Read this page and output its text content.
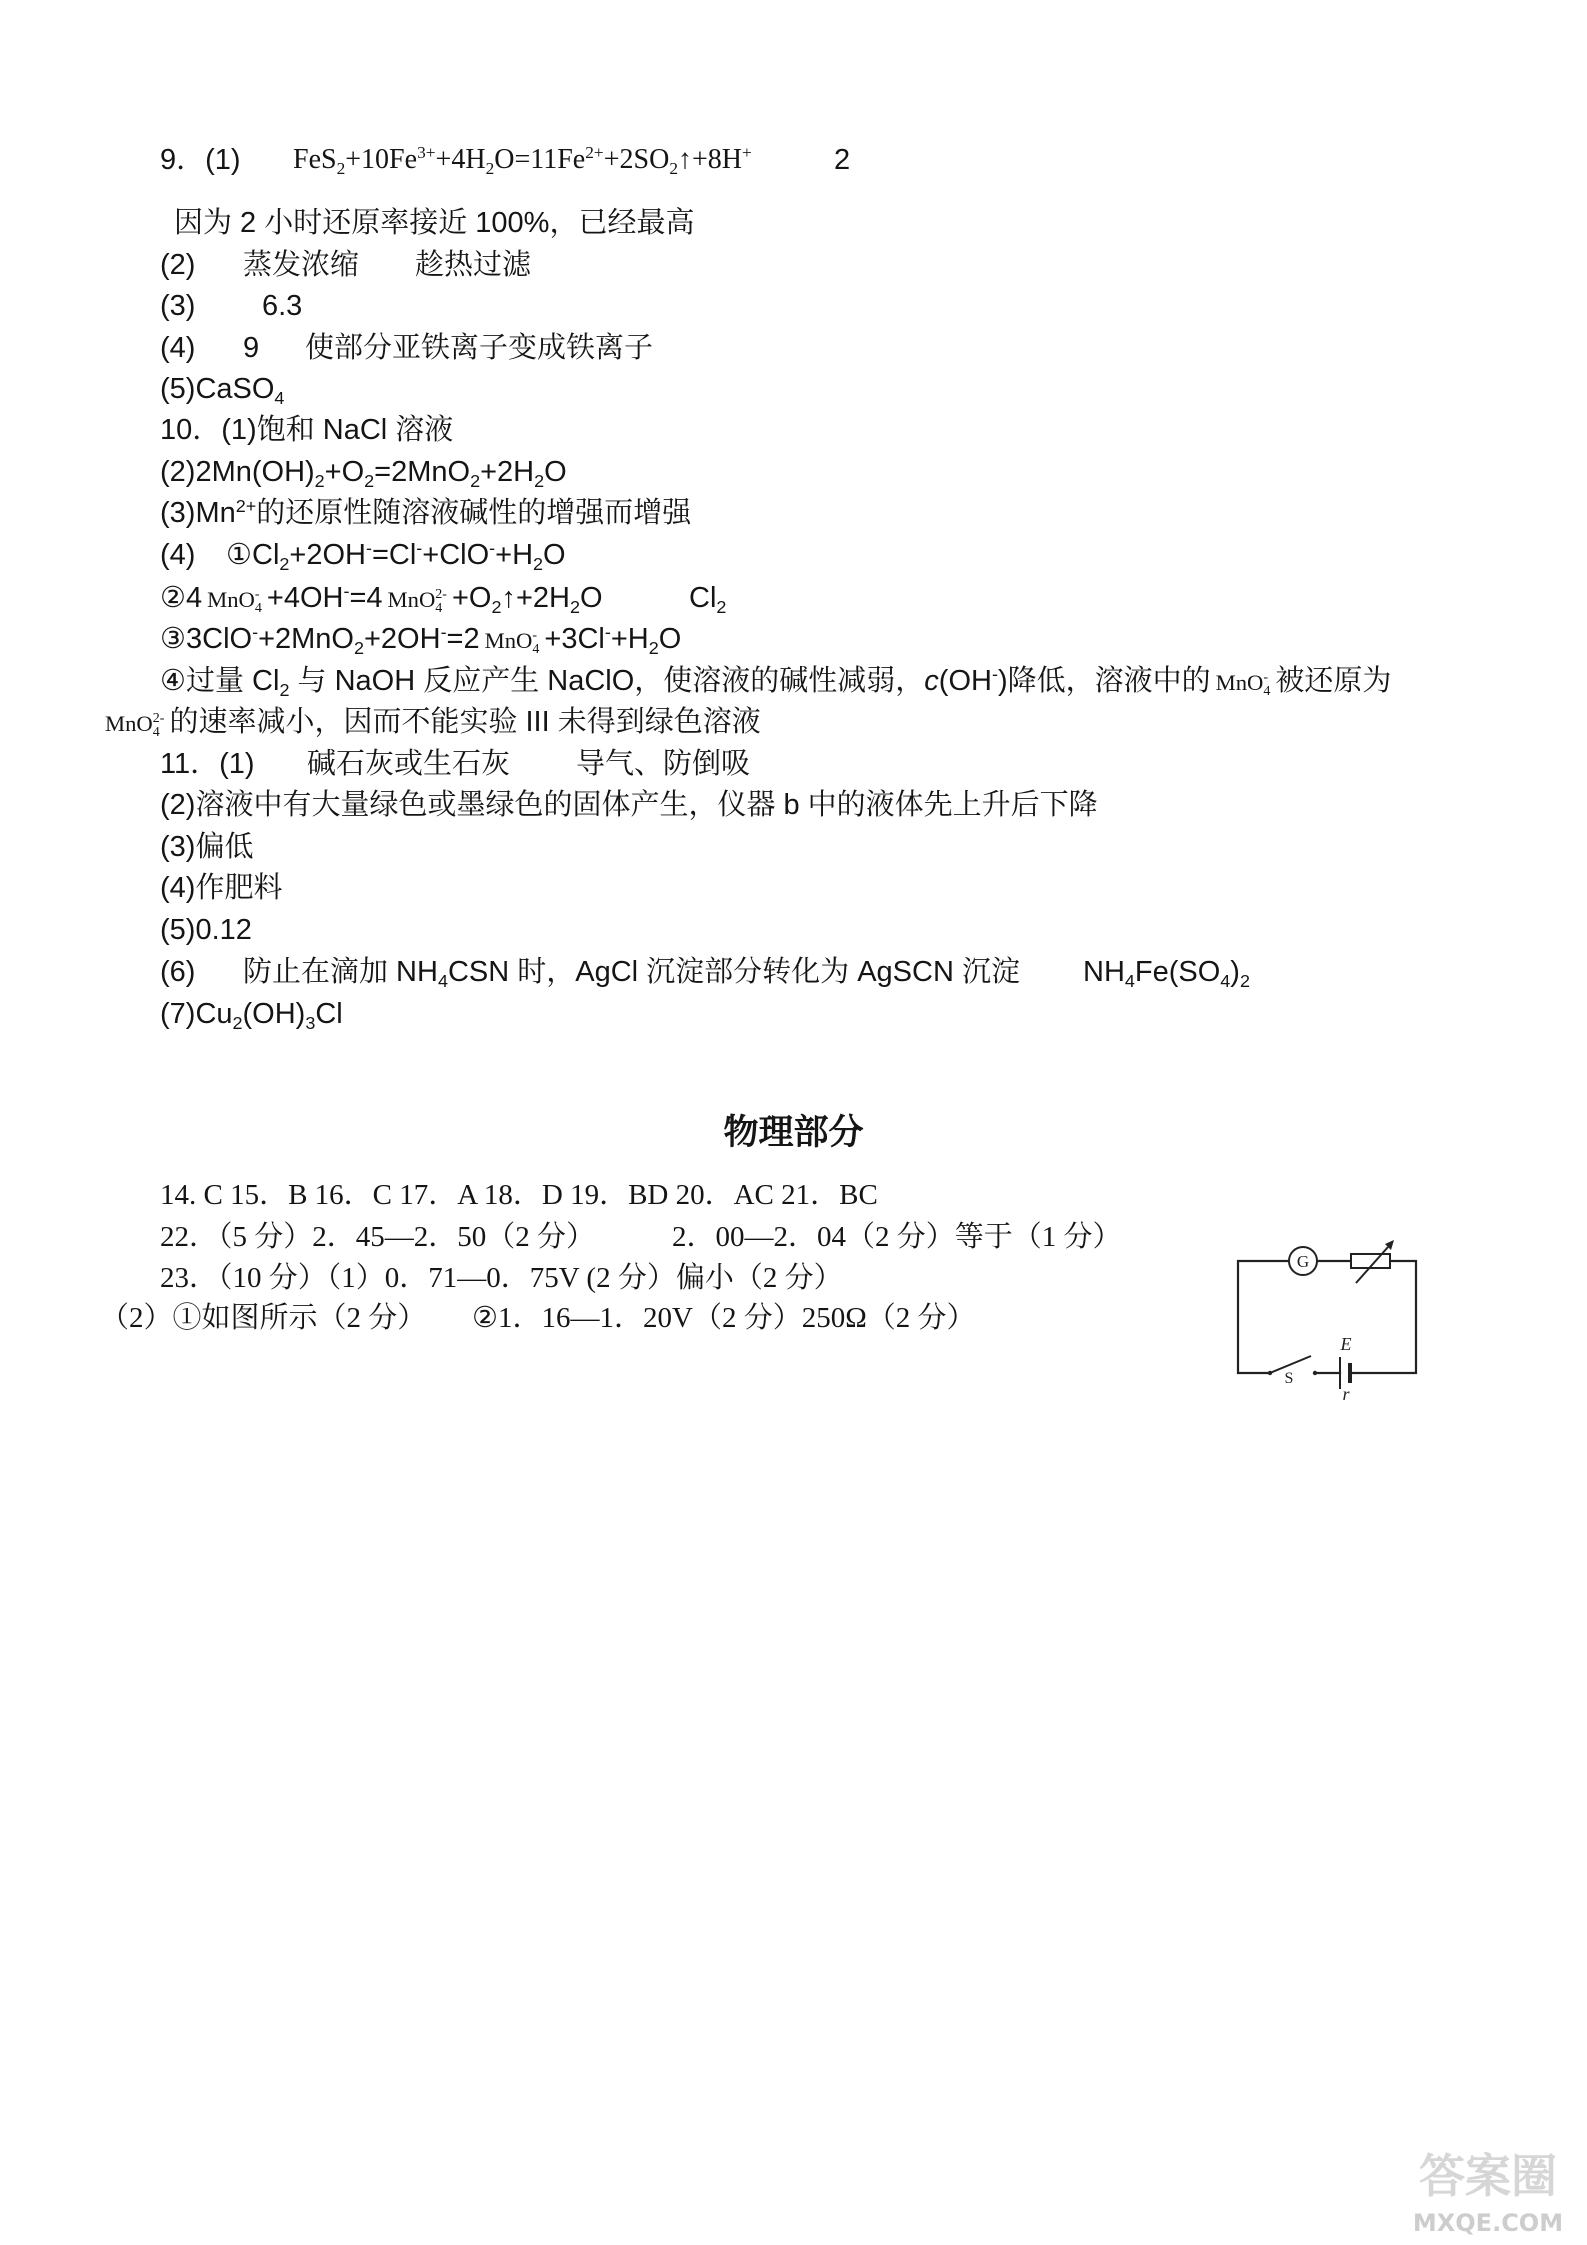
9．(1) $FeS_2+10Fe^{3+}+4H_2O=11Fe^{2+}+2SO_2↑+8H^+$	2
因为 2 小时还原率接近 100%，已经最高
(2) 蒸发浓缩 趁热过滤
(3) 6.3
(4) 9 使部分亚铁离子变成铁离子
(5)CaSO$_4$
10．(1)饱和 NaCl 溶液
$(2)2Mn(OH)_2+O_2=2MnO_2+2H_2O$
$(3)Mn^{2+}$的还原性随溶液碱性的增强而增强
(4) $①Cl_2+2OH^-=Cl^-+ClO^-+H_2O$
②4 MnO -
4 +4OH-=4 MnO 2-
$4 +O_2↑+2H_2O$	$Cl_2$
③3ClO-+2MnO$_2$+2OH-=2 MnO -
$4 +3Cl^-+H_2O$
④过量 $Cl_2$ 与 NaOH 反应产生 NaClO，使溶液的碱性减弱，c(OH-)降低，溶液中的 MnO -
4 被还原为
MnO 2-
4 的速率减小，因而不能实验 III 未得到绿色溶液
11．(1) 碱石灰或生石灰 导气、防倒吸
(2)溶液中有大量绿色或墨绿色的固体产生，仪器 b 中的液体先上升后下降
(3)偏低
(4)作肥料
(5)0.12
(6) 防止在滴加 $NH_4CSN$ 时，AgCl 沉淀部分转化为 AgSCN 沉淀 $NH_4Fe(SO_4)_2$
$(7)Cu_2(OH)_3Cl$
物理部分
14. C 15．B 16．C 17．A 18．D 19．BD 20．AC 21．BC
22．（5 分）2．45—2．50（2 分）	2．00—2．04（2 分）等于（1 分）
23．（10 分）（1）0．71—0．75V (2 分）偏小（2 分）
（2）①如图所示（2 分） ②1．16—1．20V（2 分）250Ω（2 分）
G
S
E
r
答案圈
MXQE.COM
